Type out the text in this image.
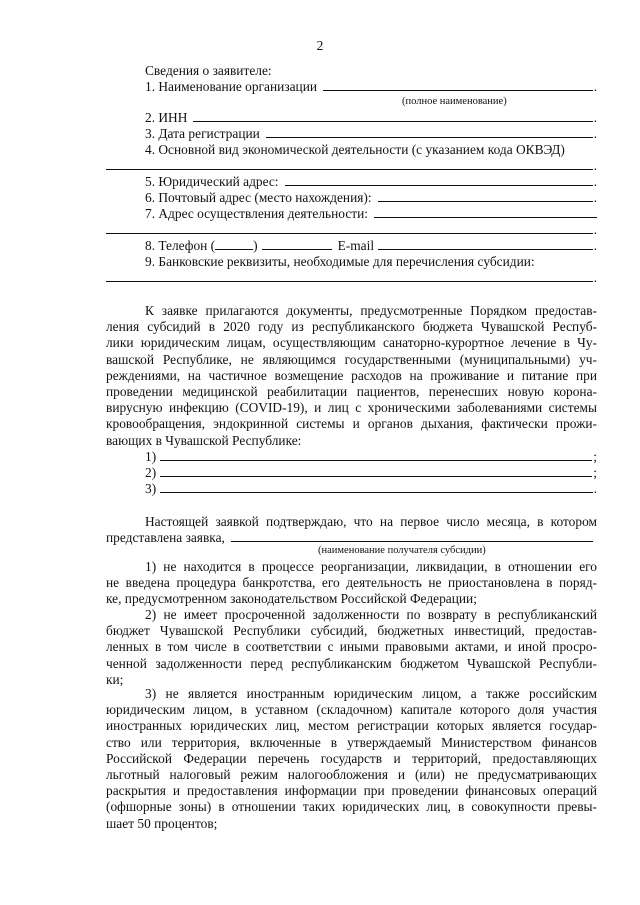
2
Сведения о заявителе:
1. Наименование организации	.
(полное наименование)
2. ИНН	.
3. Дата регистрации	.
4. Основной вид экономической деятельности (с указанием кода ОКВЭД)
.
5. Юридический адрес:	.
6. Почтовый адрес (место нахождения):	.
7. Адрес осуществления деятельности:
.
8. Телефон (	)	E-mail	.
9. Банковские реквизиты, необходимые для перечисления субсидии:
.
К заявке прилагаются документы, предусмотренные Порядком предостав-
ления субсидий в 2020 году из республиканского бюджета Чувашской Респуб-
лики юридическим лицам, осуществляющим санаторно-курортное лечение в Чу-
вашской Республике, не являющимся государственными (муниципальными) уч-
реждениями, на частичное возмещение расходов на проживание и питание при
проведении медицинской реабилитации пациентов, перенесших новую корона-
вирусную инфекцию (COVID-19), и лиц с хроническими заболеваниями системы
кровообращения, эндокринной системы и органов дыхания, фактически прожи-
вающих в Чувашской Республике:
1)	;
2)	;
3)	.
Настоящей заявкой подтверждаю, что на первое число месяца, в котором
представлена заявка,

(наименование получателя субсидии)
1) не находится в процессе реорганизации, ликвидации, в отношении его
не введена процедура банкротства, его деятельность не приостановлена в поряд-
ке, предусмотренном законодательством Российской Федерации;
2) не имеет просроченной задолженности по возврату в республиканский
бюджет Чувашской Республики субсидий, бюджетных инвестиций, предостав-
ленных в том числе в соответствии с иными правовыми актами, и иной просро-
ченной задолженности перед республиканским бюджетом Чувашской Республи-
ки;
3) не является иностранным юридическим лицом, а также российским
юридическим лицом, в уставном (складочном) капитале которого доля участия
иностранных юридических лиц, местом регистрации которых является государ-
ство или территория, включенные в утверждаемый Министерством финансов
Российской Федерации перечень государств и территорий, предоставляющих
льготный налоговый режим налогообложения и (или) не предусматривающих
раскрытия и предоставления информации при проведении финансовых операций
(офшорные зоны) в отношении таких юридических лиц, в совокупности превы-
шает 50 процентов;
